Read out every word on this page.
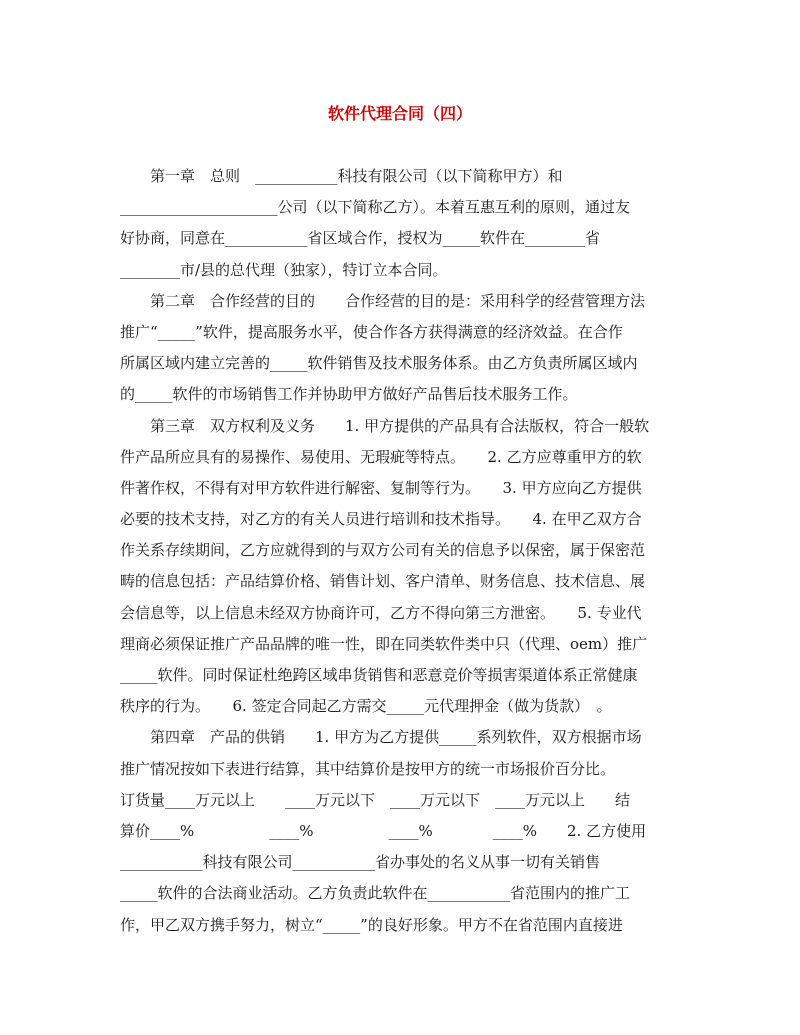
软件代理合同（四）
　　第一章　总则　___________科技有限公司（以下简称甲方）和
_____________________公司（以下简称乙方）。本着互惠互利的原则，通过友
好协商，同意在___________省区域合作，授权为_____软件在________省
________市/县的总代理（独家），特订立本合同。
　　第二章　合作经营的目的　　合作经营的目的是：采用科学的经营管理方法
推广“_____”软件，提高服务水平，使合作各方获得满意的经济效益。在合作
所属区域内建立完善的_____软件销售及技术服务体系。由乙方负责所属区域内
的_____软件的市场销售工作并协助甲方做好产品售后技术服务工作。
　　第三章　双方权利及义务　　1. 甲方提供的产品具有合法版权，符合一般软
件产品所应具有的易操作、易使用、无瑕疵等特点。　　2. 乙方应尊重甲方的软
件著作权，不得有对甲方软件进行解密、复制等行为。　　3. 甲方应向乙方提供
必要的技术支持，对乙方的有关人员进行培训和技术指导。　　4. 在甲乙双方合
作关系存续期间，乙方应就得到的与双方公司有关的信息予以保密，属于保密范
畴的信息包括：产品结算价格、销售计划、客户清单、财务信息、技术信息、展
会信息等，以上信息未经双方协商许可，乙方不得向第三方泄密。　　5. 专业代
理商必须保证推广产品品牌的唯一性，即在同类软件类中只（代理、oem）推广
_____软件。同时保证杜绝跨区域串货销售和恶意竞价等损害渠道体系正常健康
秩序的行为。　　6. 签定合同起乙方需交_____元代理押金（做为货款）　。
　　第四章　产品的供销　　1. 甲方为乙方提供_____系列软件，双方根据市场
推广情况按如下表进行结算，其中结算价是按甲方的统一市场报价百分比。
订货量____万元以上　　____万元以下　____万元以下　____万元以上　　结
算价____%　　　　　____%　　　　　____%　　　　____%　　2. 乙方使用
___________科技有限公司___________省办事处的名义从事一切有关销售
_____软件的合法商业活动。乙方负责此软件在___________省范围内的推广工
作，甲乙双方携手努力，树立“_____”的良好形象。甲方不在省范围内直接进
